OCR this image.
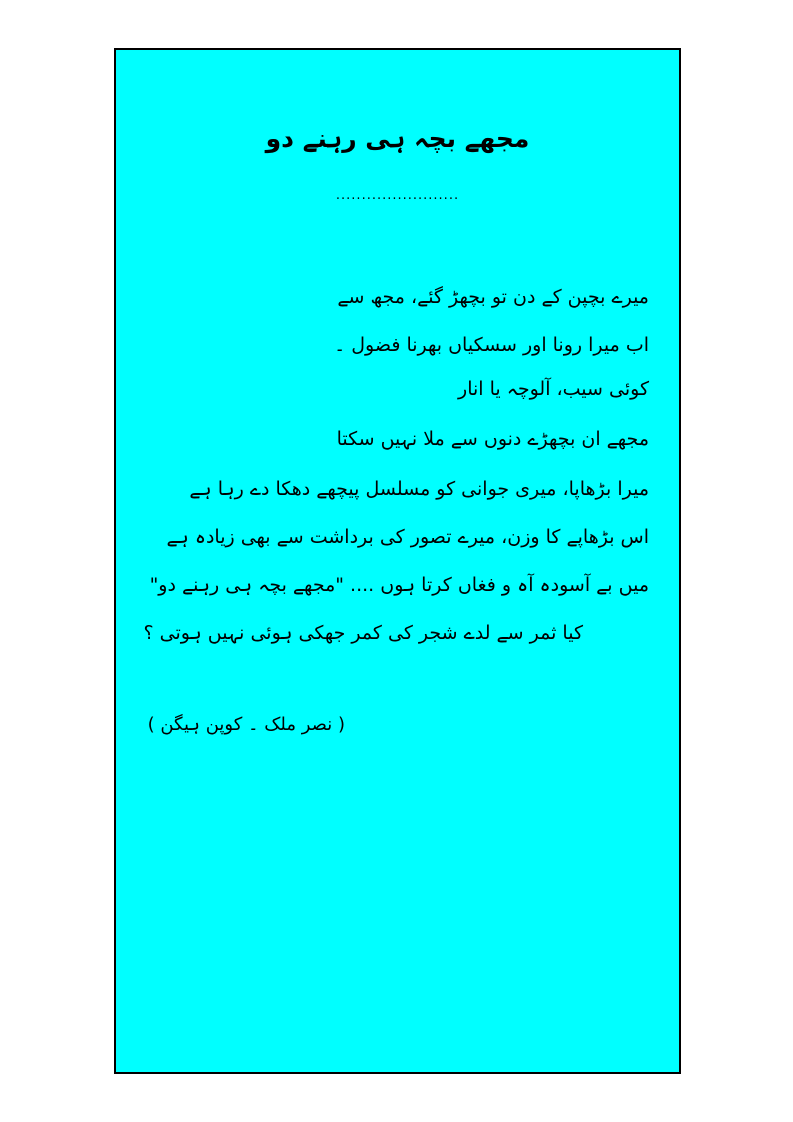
مجھے بچہ ہی رہنے دو
........................
میرے بچپن کے دن تو بچھڑ گئے، مجھ سے
اب میرا رونا اور سسکیاں بھرنا فضول ۔
کوئی سیب، آلوچہ یا انار
مجھے ان بچھڑے دنوں سے ملا نہیں سکتا
میرا بڑھاپا، میری جوانی کو مسلسل پیچھے دھکا دے رہا ہے
اس بڑھاپے کا وزن، میرے تصور کی برداشت سے بھی زیادہ ہے
میں بے آسودہ آہ و فغاں کرتا ہوں .... "مجھے بچہ ہی رہنے دو"
کیا ثمر سے لدے شجر کی کمر جھکی ہوئی نہیں ہوتی ؟
( نصر ملک ۔ کوپن ہیگن )
